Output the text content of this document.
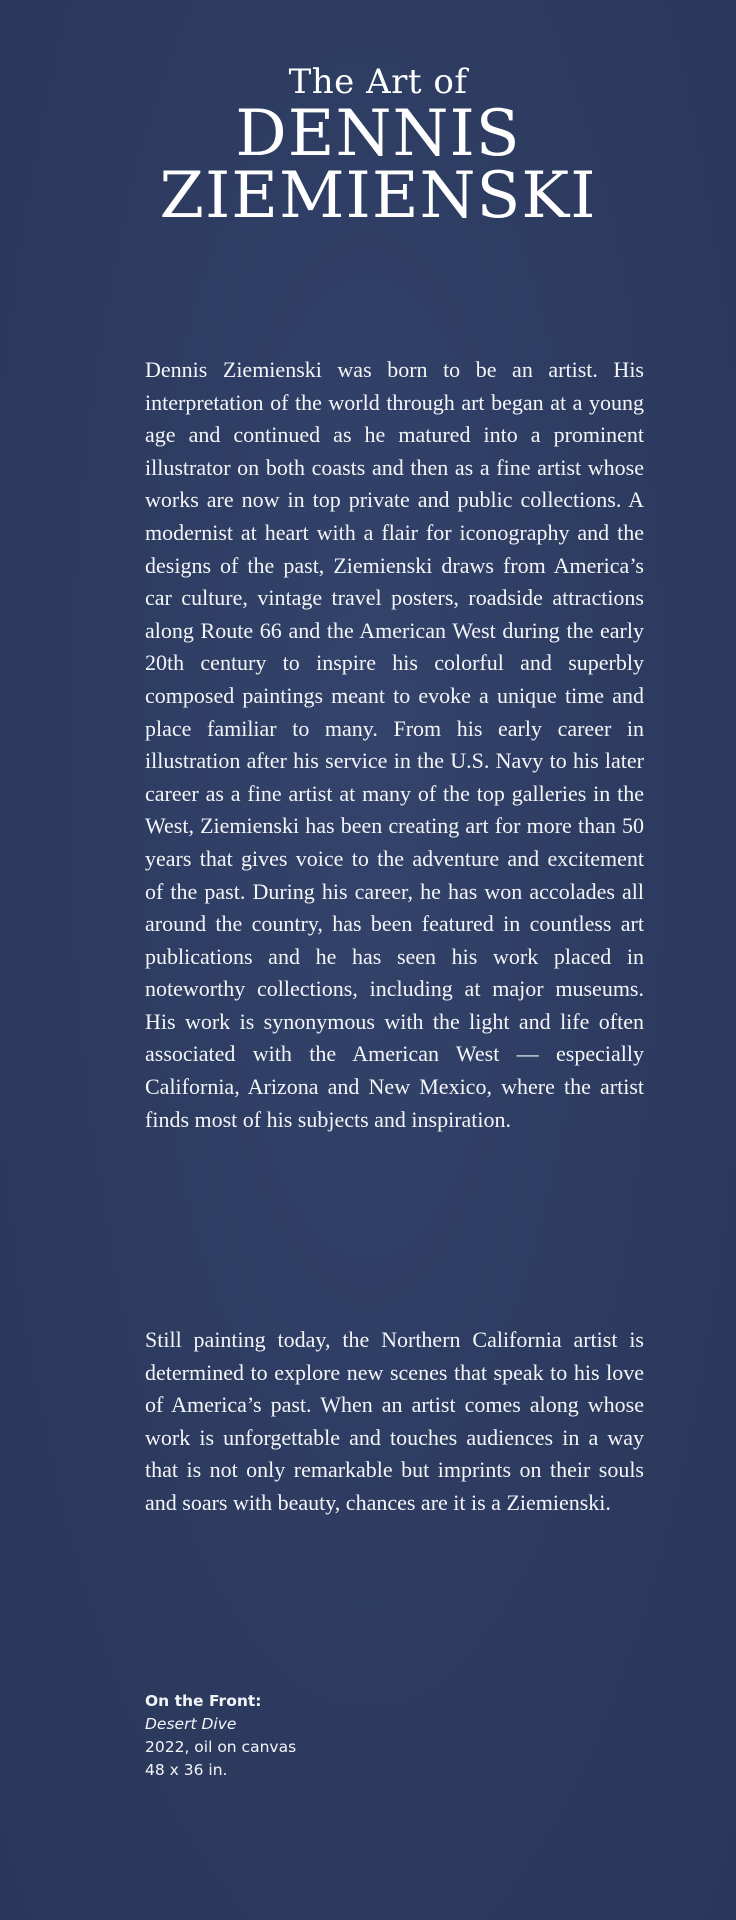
The Art of
DENNIS
ZIEMIENSKI

Dennis Ziemienski was born to be an artist. His interpretation of the world through art began at a young age and continued as he matured into a prominent illustrator on both coasts and then as a fine artist whose works are now in top private and public collections. A modernist at heart with a flair for iconography and the designs of the past, Ziemienski draws from America’s car culture, vintage travel posters, roadside attractions along Route 66 and the American West during the early 20th century to inspire his colorful and superbly composed paintings meant to evoke a unique time and place familiar to many. From his early career in illustration after his service in the U.S. Navy to his later career as a fine artist at many of the top galleries in the West, Ziemienski has been creating art for more than 50 years that gives voice to the adventure and excitement of the past. During his career, he has won accolades all around the country, has been featured in countless art publications and he has seen his work placed in noteworthy collections, including at major museums. His work is synonymous with the light and life often associated with the American West — especially California, Arizona and New Mexico, where the artist finds most of his subjects and inspiration.

Still painting today, the Northern California artist is determined to explore new scenes that speak to his love of America’s past. When an artist comes along whose work is unforgettable and touches audiences in a way that is not only remarkable but imprints on their souls and soars with beauty, chances are it is a Ziemienski.

On the Front:
Desert Dive
2022, oil on canvas
48 x 36 in.
